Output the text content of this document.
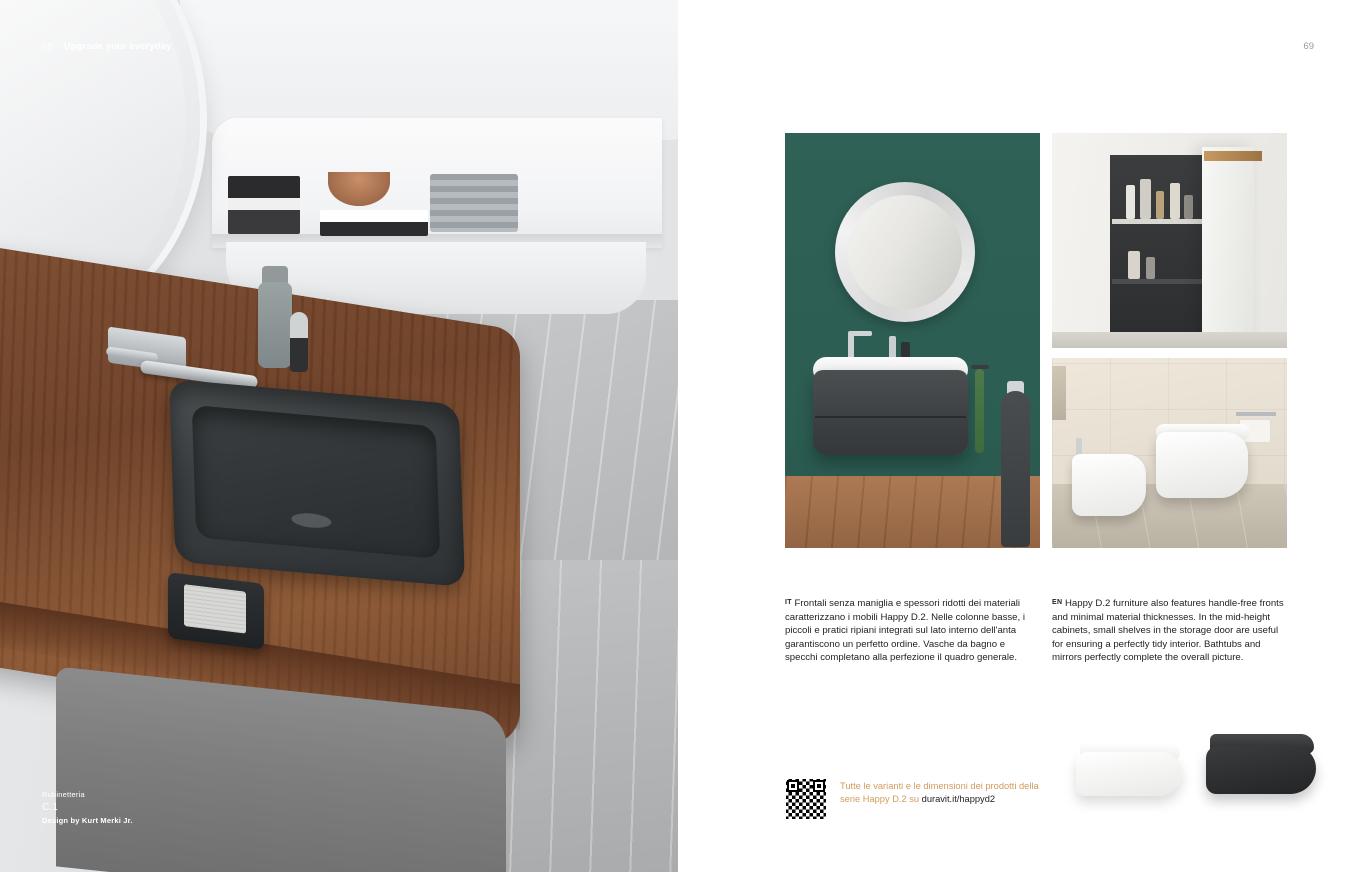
68 Upgrade your everyday
Rubinetteria
C.1
Design by Kurt Merki Jr.
69
$^{IT}$ Frontali senza maniglia e spessori ridotti dei materiali caratterizzano i mobili Happy D.2. Nelle colonne basse, i piccoli e pratici ripiani integrati sul lato interno dell'anta garantiscono un perfetto ordine. Vasche da bagno e specchi completano alla perfezione il quadro generale.
$^{EN}$ Happy D.2 furniture also features handle-free fronts and minimal material thicknesses. In the mid-height cabinets, small shelves in the storage door are useful for ensuring a perfectly tidy interior. Bathtubs and mirrors perfectly complete the overall picture.
Tutte le varianti e le dimensioni dei prodotti della serie Happy D.2 su duravit.it/happyd2
